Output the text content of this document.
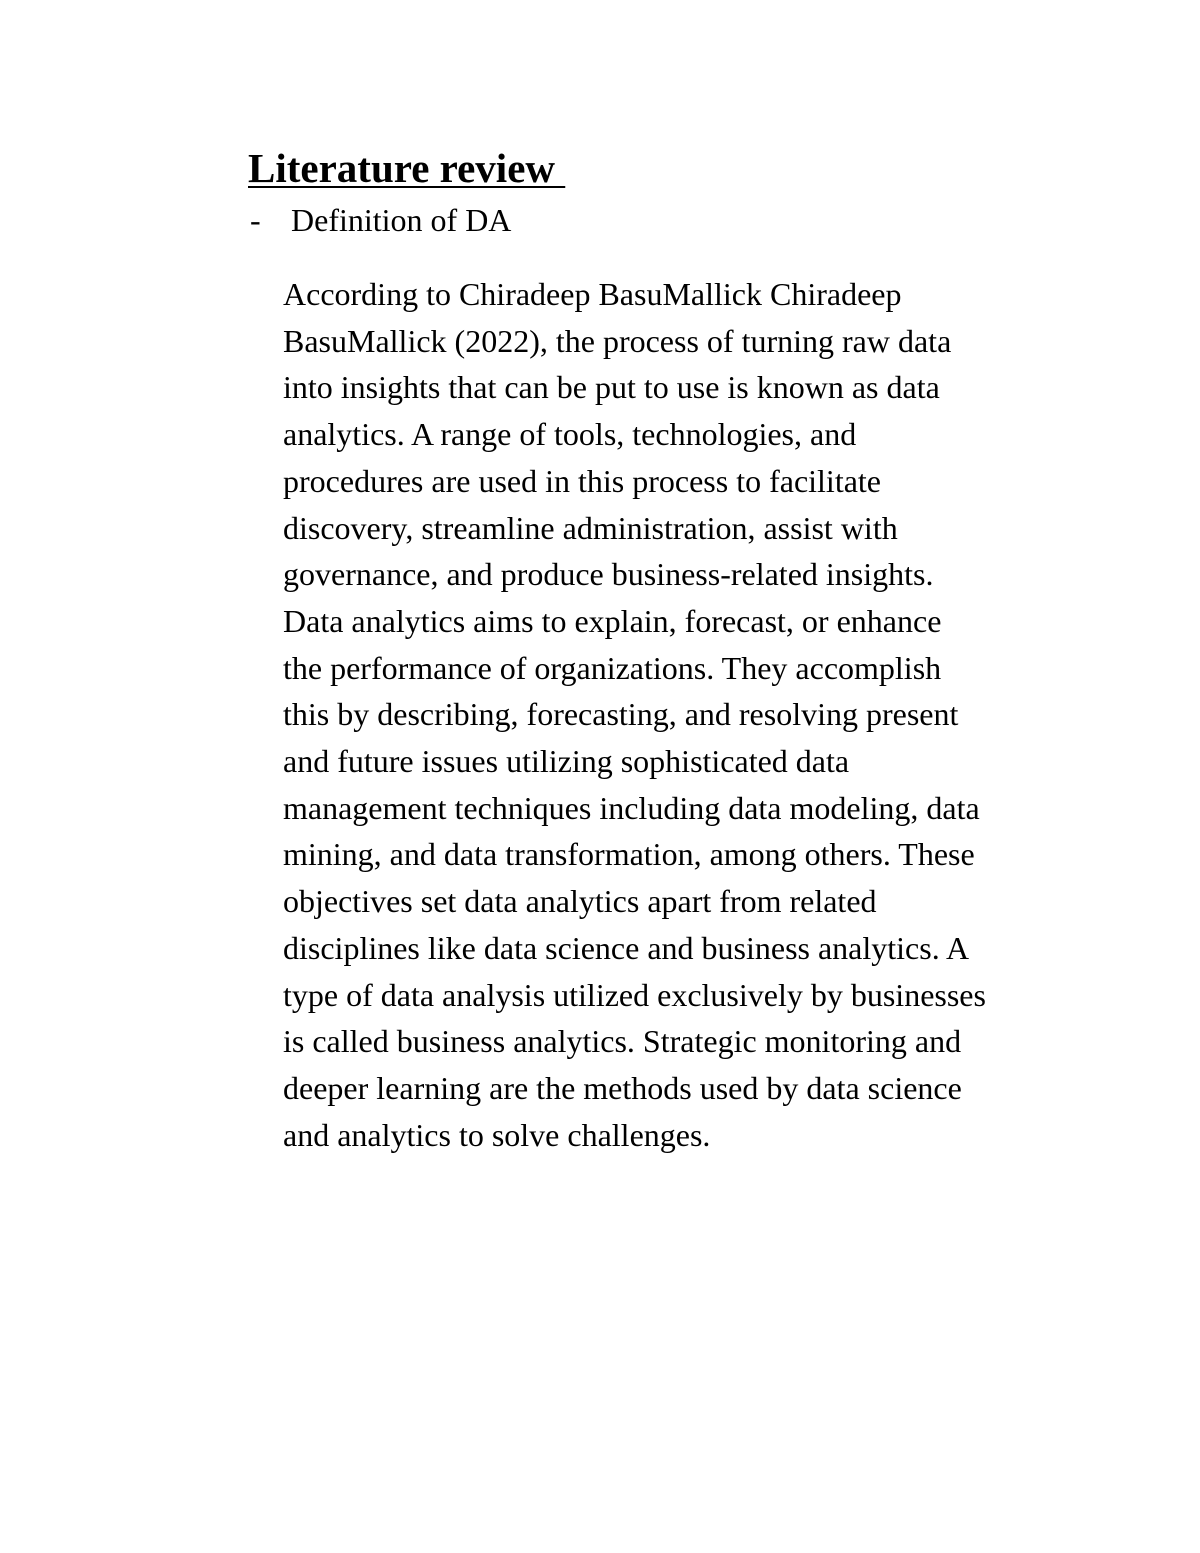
Literature review
- Definition of DA

According to Chiradeep BasuMallick Chiradeep
BasuMallick (2022), the process of turning raw data
into insights that can be put to use is known as data
analytics. A range of tools, technologies, and
procedures are used in this process to facilitate
discovery, streamline administration, assist with
governance, and produce business-related insights.
Data analytics aims to explain, forecast, or enhance
the performance of organizations. They accomplish
this by describing, forecasting, and resolving present
and future issues utilizing sophisticated data
management techniques including data modeling, data
mining, and data transformation, among others. These
objectives set data analytics apart from related
disciplines like data science and business analytics. A
type of data analysis utilized exclusively by businesses
is called business analytics. Strategic monitoring and
deeper learning are the methods used by data science
and analytics to solve challenges.
